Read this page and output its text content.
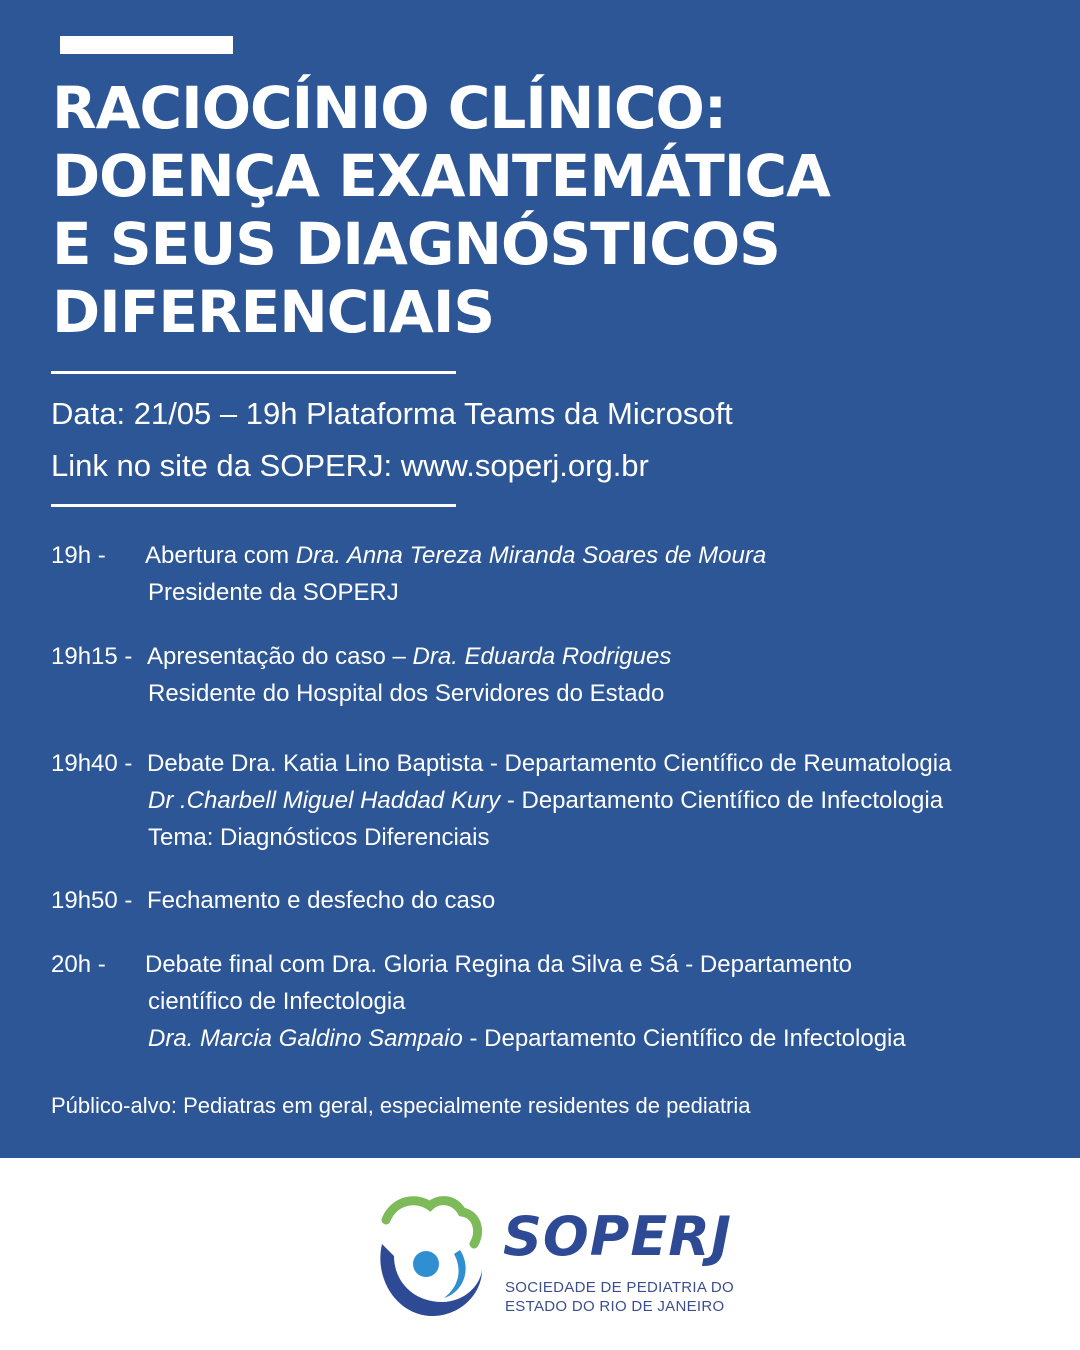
RACIOCÍNIO CLÍNICO:
DOENÇA EXANTEMÁTICA
E SEUS DIAGNÓSTICOS
DIFERENCIAIS
Data: 21/05 – 19h Plataforma Teams da Microsoft
Link no site da SOPERJ: www.soperj.org.br
19h - Abertura com Dra. Anna Tereza Miranda Soares de Moura
Presidente da SOPERJ
19h15 - Apresentação do caso – Dra. Eduarda Rodrigues
Residente do Hospital dos Servidores do Estado
19h40 - Debate Dra. Katia Lino Baptista - Departamento Científico de Reumatologia
Dr .Charbell Miguel Haddad Kury - Departamento Científico de Infectologia
Tema: Diagnósticos Diferenciais
19h50 - Fechamento e desfecho do caso
20h - Debate final com Dra. Gloria Regina da Silva e Sá - Departamento
científico de Infectologia
Dra. Marcia Galdino Sampaio - Departamento Científico de Infectologia
Público-alvo: Pediatras em geral, especialmente residentes de pediatria
SOPERJ
SOCIEDADE DE PEDIATRIA DO
ESTADO DO RIO DE JANEIRO
